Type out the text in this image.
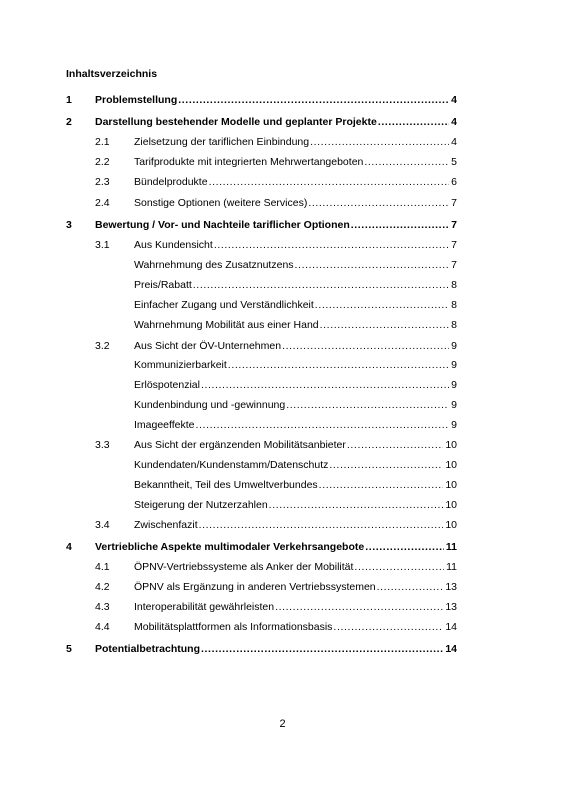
Inhaltsverzeichnis
1 Problemstellung .....	4
2 Darstellung bestehender Modelle und geplanter Projekte .....	4
2.1 Zielsetzung der tariflichen Einbindung .....	4
2.2 Tarifprodukte mit integrierten Mehrwertangeboten .....	5
2.3 Bündelprodukte .....	6
2.4 Sonstige Optionen (weitere Services) .....	7
3 Bewertung / Vor- und Nachteile tariflicher Optionen .....	7
3.1 Aus Kundensicht .....	7
Wahrnehmung des Zusatznutzens .....	7
Preis/Rabatt .....	8
Einfacher Zugang und Verständlichkeit .....	8
Wahrnehmung Mobilität aus einer Hand .....	8
3.2 Aus Sicht der ÖV-Unternehmen .....	9
Kommunizierbarkeit .....	9
Erlöspotenzial .....	9
Kundenbindung und -gewinnung .....	9
Imageeffekte .....	9
3.3 Aus Sicht der ergänzenden Mobilitätsanbieter .....	10
Kundendaten/Kundenstamm/Datenschutz .....	10
Bekanntheit, Teil des Umweltverbundes .....	10
Steigerung der Nutzerzahlen .....	10
3.4 Zwischenfazit .....	10
4 Vertriebliche Aspekte multimodaler Verkehrsangebote .....	11
4.1 ÖPNV-Vertriebssysteme als Anker der Mobilität .....	11
4.2 ÖPNV als Ergänzung in anderen Vertriebssystemen .....	13
4.3 Interoperabilität gewährleisten .....	13
4.4 Mobilitätsplattformen als Informationsbasis .....	14
5 Potentialbetrachtung .....	14
2
